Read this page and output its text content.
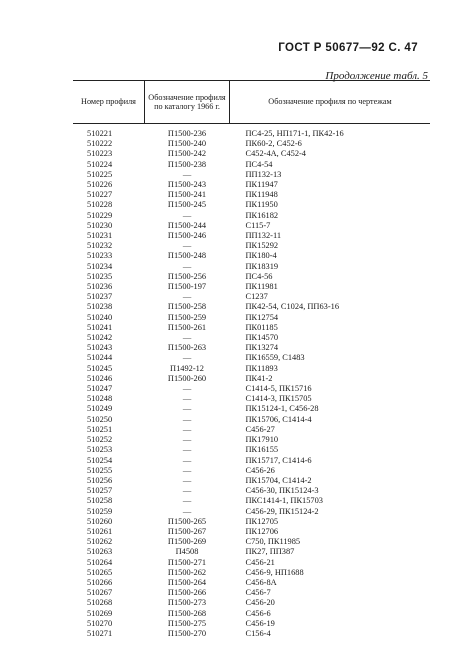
ГОСТ Р 50677—92 С. 47
Продолжение табл. 5
Номер профиля	Обозначение профиля по каталогу 1966 г.	Обозначение профиля по чертежам
510221	П1500-236	ПС4-25, НП171-1, ПК42-16
510222	П1500-240	ПК60-2, С452-6
510223	П1500-242	С452-4А, С452-4
510224	П1500-238	ПС4-54
510225	—	ПП132-13
510226	П1500-243	ПК11947
510227	П1500-241	ПК11948
510228	П1500-245	ПК11950
510229	—	ПК16182
510230	П1500-244	С115-7
510231	П1500-246	ПП132-11
510232	—	ПК15292
510233	П1500-248	ПК180-4
510234	—	ПК18319
510235	П1500-256	ПС4-56
510236	П1500-197	ПК11981
510237	—	С1237
510238	П1500-258	ПК42-54, С1024, ПП63-16
510240	П1500-259	ПК12754
510241	П1500-261	ПК01185
510242	—	ПК14570
510243	П1500-263	ПК13274
510244	—	ПК16559, С1483
510245	П1492-12	ПК11893
510246	П1500-260	ПК41-2
510247	—	С1414-5, ПК15716
510248	—	С1414-3, ПК15705
510249	—	ПК15124-1, С456-28
510250	—	ПК15706, С1414-4
510251	—	С456-27
510252	—	ПК17910
510253	—	ПК16155
510254	—	ПК15717, С1414-6
510255	—	С456-26
510256	—	ПК15704, С1414-2
510257	—	С456-30, ПК15124-3
510258	—	ПКС1414-1, ПК15703
510259	—	С456-29, ПК15124-2
510260	П1500-265	ПК12705
510261	П1500-267	ПК12706
510262	П1500-269	С750, ПК11985
510263	П4508	ПК27, ПП387
510264	П1500-271	С456-21
510265	П1500-262	С456-9, НП1688
510266	П1500-264	С456-8А
510267	П1500-266	С456-7
510268	П1500-273	С456-20
510269	П1500-268	С456-6
510270	П1500-275	С456-19
510271	П1500-270	С156-4
